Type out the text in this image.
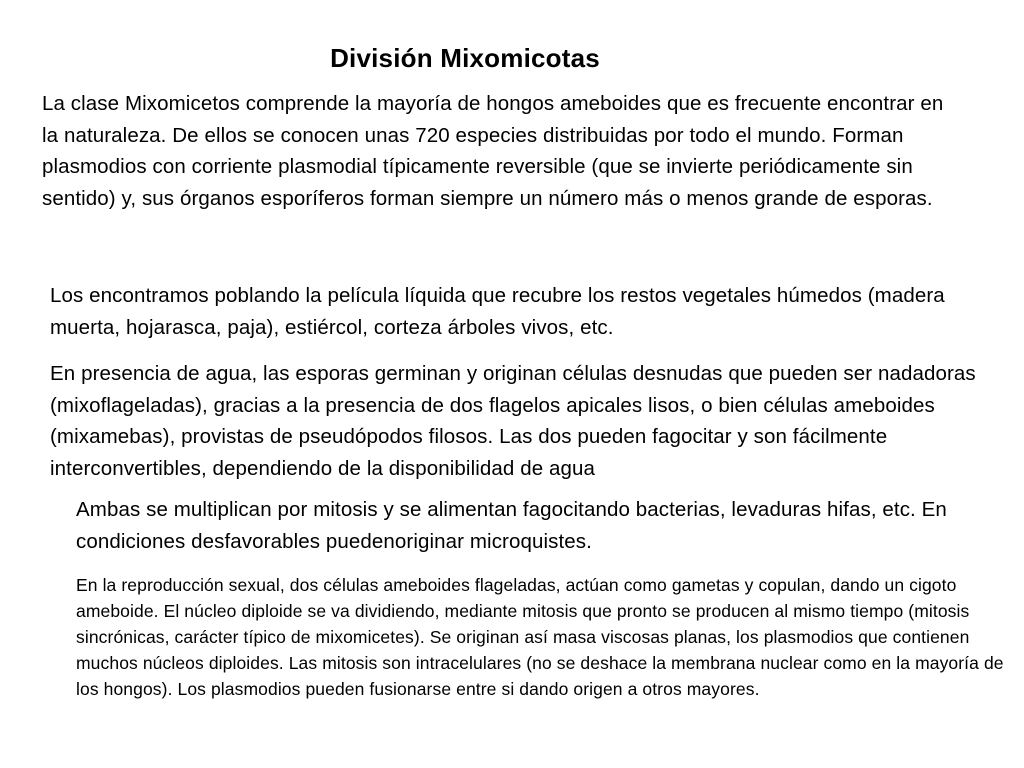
División Mixomicotas

La clase Mixomicetos comprende la mayoría de hongos ameboides que es frecuente encontrar en la naturaleza. De ellos se conocen unas 720 especies distribuidas por todo el mundo. Forman plasmodios con corriente plasmodial típicamente reversible (que se invierte periódicamente sin sentido) y, sus órganos esporíferos forman siempre un número más o menos grande de esporas.

Los encontramos poblando la película líquida que recubre los restos vegetales húmedos (madera muerta, hojarasca, paja), estiércol, corteza árboles vivos, etc.

En presencia de agua, las esporas germinan y originan células desnudas que pueden ser nadadoras (mixoflageladas), gracias a la presencia de dos flagelos apicales lisos, o bien células ameboides (mixamebas), provistas de pseudópodos filosos. Las dos pueden fagocitar y son fácilmente interconvertibles, dependiendo de la disponibilidad de agua

Ambas se multiplican por mitosis y se alimentan fagocitando bacterias, levaduras hifas, etc. En condiciones desfavorables puedenoriginar microquistes.

En la reproducción sexual, dos células ameboides flageladas, actúan como gametas y copulan, dando un cigoto ameboide. El núcleo diploide se va dividiendo, mediante mitosis que pronto se producen al mismo tiempo (mitosis sincrónicas, carácter típico de mixomicetes). Se originan así masa viscosas planas, los plasmodios que contienen muchos núcleos diploides. Las mitosis son intracelulares (no se deshace la membrana nuclear como en la mayoría de los hongos). Los plasmodios pueden fusionarse entre si dando origen a otros mayores.
